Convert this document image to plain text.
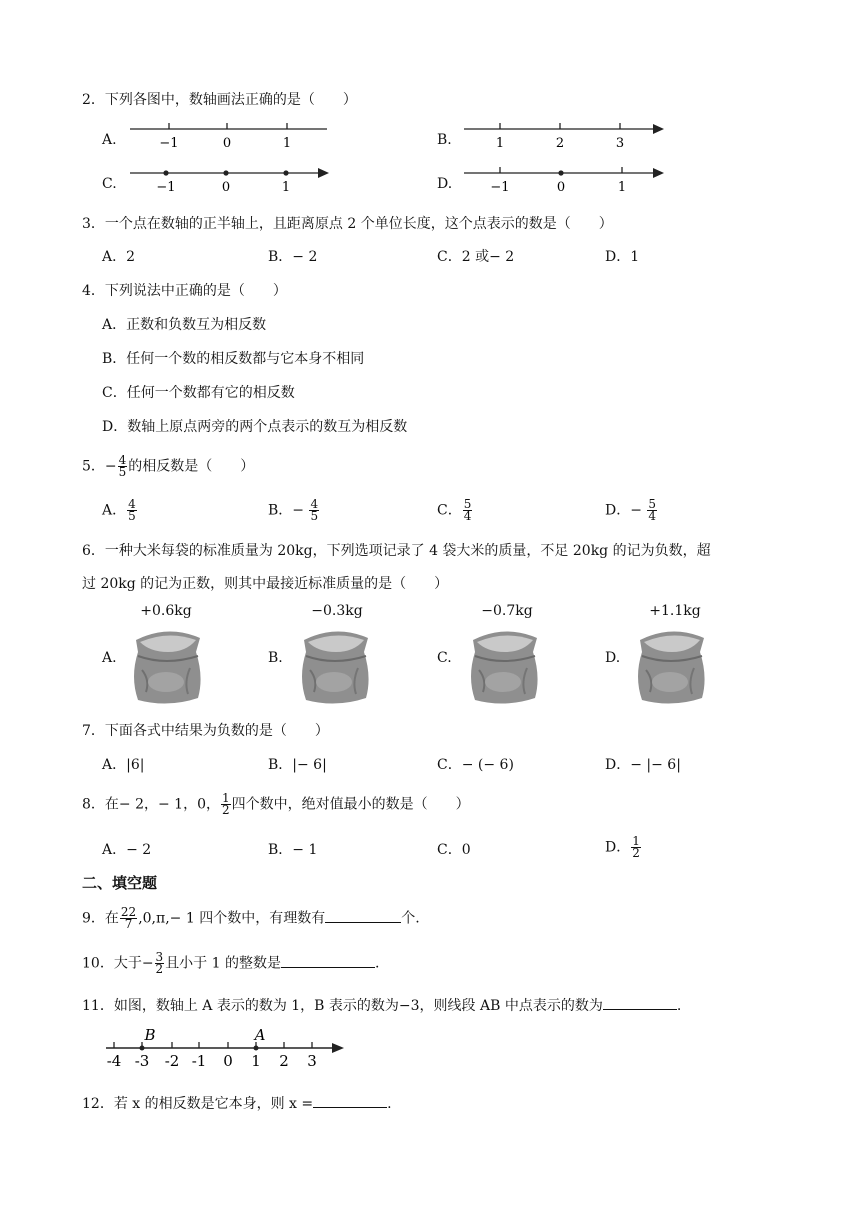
2．下列各图中，数轴画法正确的是（　　）
A.	−1	0	1	B.	1	2	3
C.	−1	0	1	D.	−1	0	1
3．一个点在数轴的正半轴上，且距离原点 2 个单位长度，这个点表示的数是（　　）
A．2	B．− 2	C．2 或− 2	D．1
4．下列说法中正确的是（　　）
A．正数和负数互为相反数
B．任何一个数的相反数都与它本身不相同
C．任何一个数都有它的相反数
D．数轴上原点两旁的两个点表示的数互为相反数
5．− $\frac{4}{5}$ 的相反数是（　　）
A． $\frac{4}{5}$	B．− $\frac{4}{5}$	C． $\frac{5}{4}$	D．− $\frac{5}{4}$
6．一种大米每袋的标准质量为 20kg，下列选项记录了 4 袋大米的质量，不足 20kg 的记为负数，超
过 20kg 的记为正数，则其中最接近标准质量的是（　　）
+0.6kg
A.
−0.3kg
B.
−0.7kg
C.
+1.1kg
D.
7．下面各式中结果为负数的是（　　）
A．|6|	B．|− 6|	C．− (− 6)	D．− |− 6|
8．在− 2，− 1，0， $\frac{1}{2}$ 四个数中，绝对值最小的数是（　　）
A．− 2	B．− 1	C．0	D． $\frac{1}{2}$
二、填空题
9．在 $\frac{22}{7} ,0,\pi,- 1$ 四个数中，有理数有	个.
10．大于− $\frac{3}{2}$ 且小于 1 的整数是	.
11．如图，数轴上 A 表示的数为 1，B 表示的数为−3，则线段 AB 中点表示的数为	.
B	A
-4 -3 -2 -1 0 1 2 3
12．若 x 的相反数是它本身，则 x =	.
